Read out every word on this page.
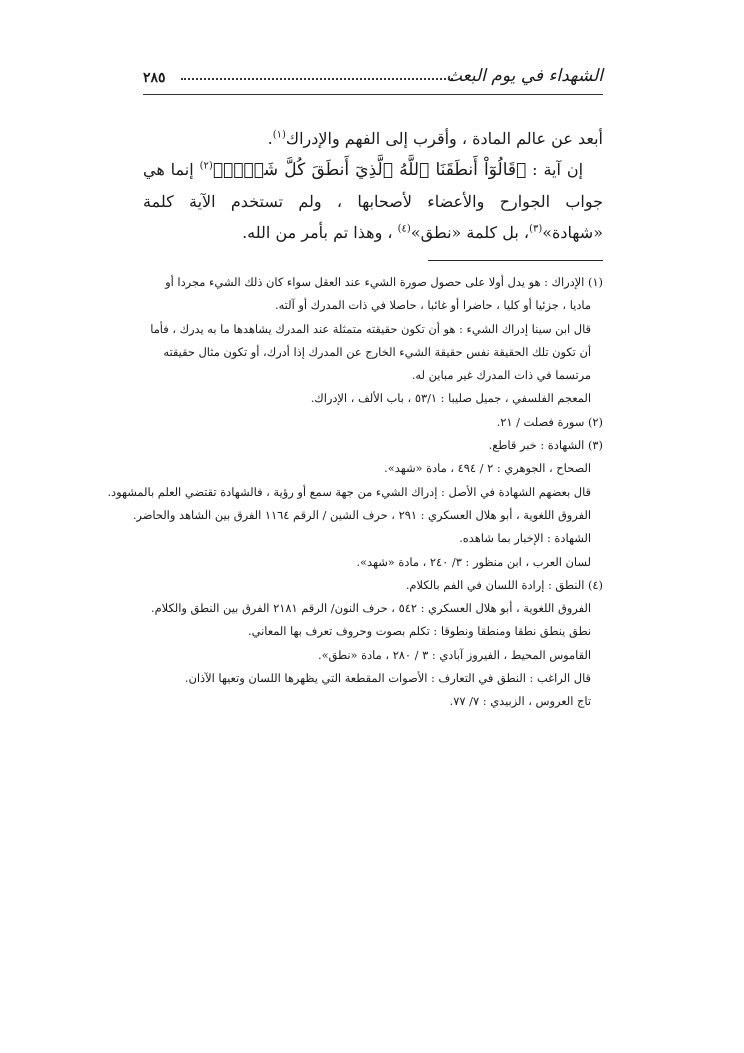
الشهداء في يوم البعث
٢٨٥

أبعد عن عالم المادة ، وأقرب إلى الفهم والإدراك$^{(١)}$.

إن آية : ﴿قَالُوٓاْ أَنطَقَنَا ٱللَّهُ ٱلَّذِيٓ أَنطَقَ كُلَّ شَيۡءٖ﴾$^{(٢)}$ إنما هي جواب الجوارح والأعضاء لأصحابها ، ولم تستخدم الآية كلمة «شهادة»$^{(٣)}$، بل كلمة «نطق»$^{(٤)}$ ، وهذا تم بأمر من الله.

(١) الإدراك : هو يدل أولا على حصول صورة الشيء عند العقل سواء كان ذلك الشيء مجردا أو

ماديا ، جزئيا أو كليا ، حاضرا أو غائبا ، حاصلا في ذات المدرك أو آلته.

قال ابن سينا إدراك الشيء : هو أن تكون حقيقته متمثلة عند المدرك يشاهدها ما به يدرك ، فأما

أن تكون تلك الحقيقة نفس حقيقة الشيء الخارج عن المدرك إذا أدرك، أو تكون مثال حقيقته

مرتسما في ذات المدرك غير مباين له.

المعجم الفلسفي ، جميل صليبا : ٥٣/١ ، باب الألف ، الإدراك.

(٢) سورة فصلت / ٢١.

(٣) الشهادة : خبر قاطع.

الصحاح ، الجوهري : ٢ / ٤٩٤ ، مادة «شهد».

قال بعضهم الشهادة في الأصل : إدراك الشيء من جهة سمع أو رؤية ، فالشهادة تقتضي العلم بالمشهود.

الفروق اللغوية ، أبو هلال العسكري : ٢٩١ ، حرف الشين / الرقم ١١٦٤ الفرق بين الشاهد والحاضر.

الشهادة : الإخبار بما شاهده.

لسان العرب ، ابن منظور : ٣/ ٢٤٠ ، مادة «شهد».

(٤) النطق : إرادة اللسان في الفم بالكلام.

الفروق اللغوية ، أبو هلال العسكري : ٥٤٢ ، حرف النون/ الرقم ٢١٨١ الفرق بين النطق والكلام.

نطق ينطق نطقا ومنطقا ونطوقا : تكلم بصوت وحروف تعرف بها المعاني.

القاموس المحيط ، الفيروز آبادي : ٣ / ٢٨٠ ، مادة «نطق».

قال الراغب : النطق في التعارف : الأصوات المقطعة التي يظهرها اللسان وتعيها الآذان.

تاج العروس ، الزبيدي : ٧/ ٧٧.
